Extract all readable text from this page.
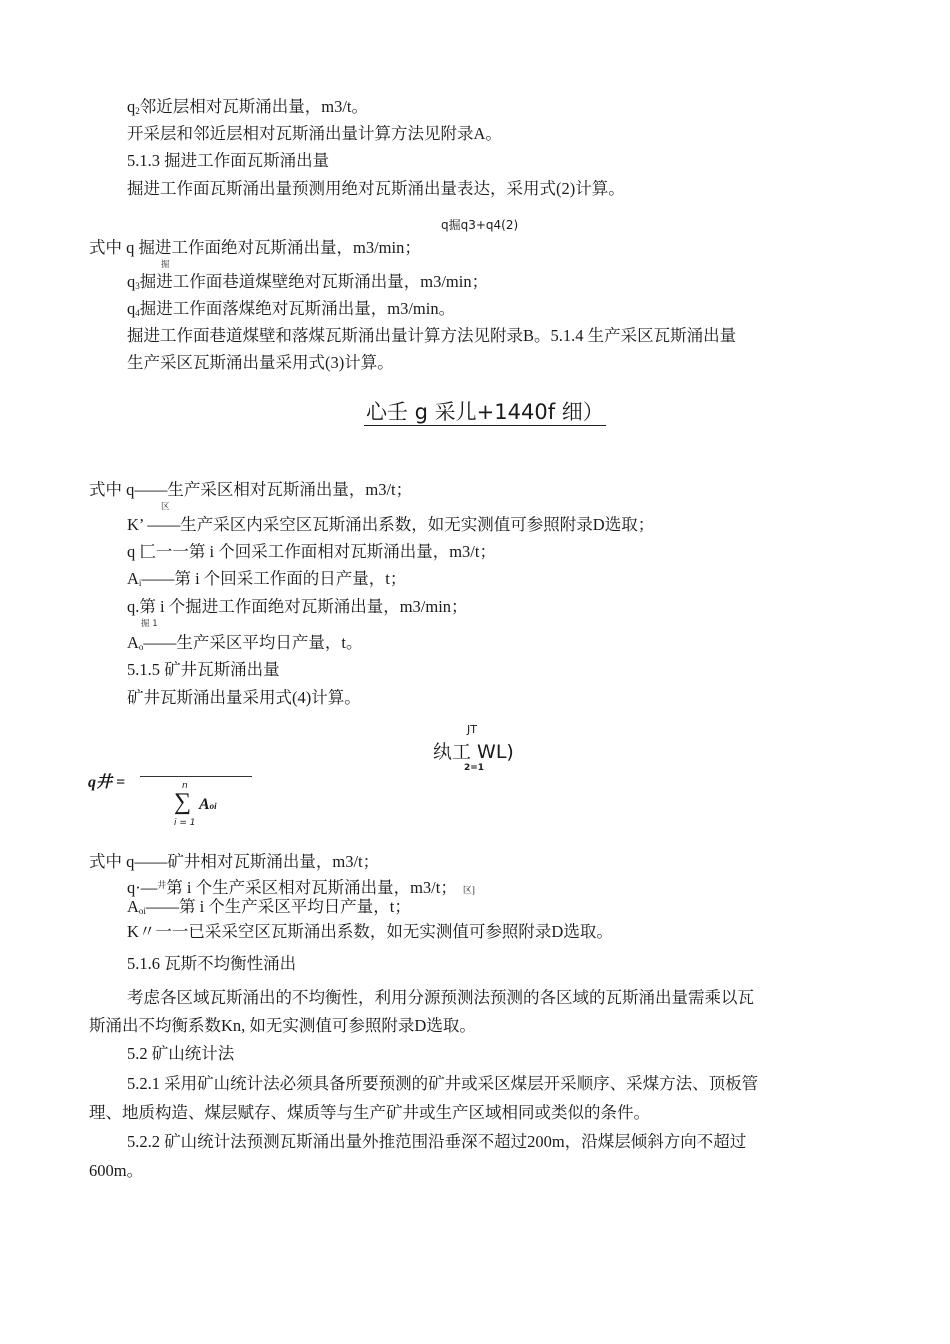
$q_2$邻近层相对瓦斯涌出量，m3/t。
开采层和邻近层相对瓦斯涌出量计算方法见附录A。
5.1.3 掘进工作面瓦斯涌出量
掘进工作面瓦斯涌出量预测用绝对瓦斯涌出量表达，采用式(2)计算。
q掘q3+q4(2)
式中 q 掘进工作面绝对瓦斯涌出量，m3/min；
掘
$q_3$掘进工作面巷道煤壁绝对瓦斯涌出量，m3/min；
$q_4$掘进工作面落煤绝对瓦斯涌出量，m3/min。
掘进工作面巷道煤壁和落煤瓦斯涌出量计算方法见附录B。5.1.4 生产采区瓦斯涌出量
生产采区瓦斯涌出量采用式(3)计算。
心壬 g 采儿+1440f 细）
式中 q——生产采区相对瓦斯涌出量，m3/t；
区
K’ ——生产采区内采空区瓦斯涌出系数，如无实测值可参照附录D选取；
q 匚一一第 i 个回采工作面相对瓦斯涌出量，m3/t；
$A_i——$第 i 个回采工作面的日产量，t；
q.第 i 个掘进工作面绝对瓦斯涌出量，m3/min；
掘 1
$A_o——$生产采区平均日产量，t。
5.1.5 矿井瓦斯涌出量
矿井瓦斯涌出量采用式(4)计算。
JT
纨工 WL)
2=1
q井 =	n
∑ Aoi
i = 1
式中 q——矿井相对瓦斯涌出量，m3/t；
q·—$^井$第 i 个生产采区相对瓦斯涌出量，m3/t； 区]
$A_{oi}——$第 i 个生产采区平均日产量，t；
K〃一一已采采空区瓦斯涌出系数，如无实测值可参照附录D选取。
5.1.6 瓦斯不均衡性涌出
考虑各区域瓦斯涌出的不均衡性，利用分源预测法预测的各区域的瓦斯涌出量需乘以瓦
斯涌出不均衡系数Kn, 如无实测值可参照附录D选取。
5.2 矿山统计法
5.2.1 采用矿山统计法必须具备所要预测的矿井或采区煤层开采顺序、采煤方法、顶板管
理、地质构造、煤层赋存、煤质等与生产矿井或生产区域相同或类似的条件。
5.2.2 矿山统计法预测瓦斯涌出量外推范围沿垂深不超过200m，沿煤层倾斜方向不超过
600m。
